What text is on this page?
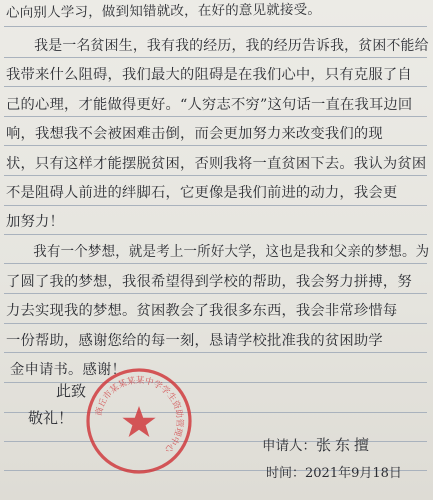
心向别人学习，做到知错就改，在好的意见就接受。
　　我是一名贫困生，我有我的经历，我的经历告诉我，贫困不能给
我带来什么阻碍，我们最大的阻碍是在我们心中，只有克服了自
己的心理，才能做得更好。“人穷志不穷”这句话一直在我耳边回
响，我想我不会被困难击倒，而会更加努力来改变我们的现
状，只有这样才能摆脱贫困，否则我将一直贫困下去。我认为贫困
不是阻碍人前进的绊脚石，它更像是我们前进的动力，我会更
加努力！
　　我有一个梦想，就是考上一所好大学，这也是我和父亲的梦想。为
了圆了我的梦想，我很希望得到学校的帮助，我会努力拼搏，努
力去实现我的梦想。贫困教会了我很多东西，我会非常珍惜每
一份帮助，感谢您给的每一刻，恳请学校批准我的贫困助学
金申请书。感谢！
此致
敬礼！ 商丘市某某某某中学学生资助管理中心	申请人：张东擅
时间：2021年9月18日
